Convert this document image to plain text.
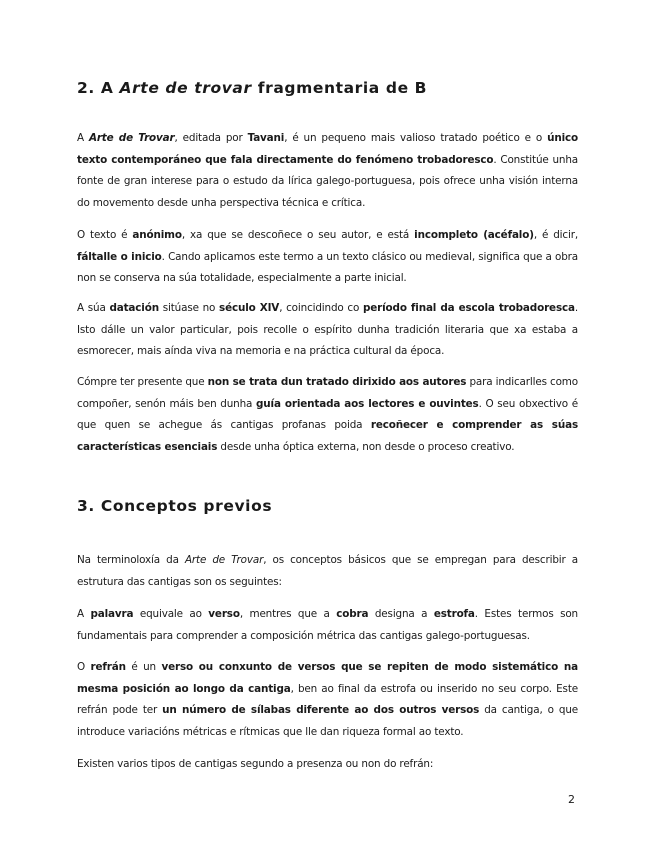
2. A Arte de trovar fragmentaria de B

A Arte de Trovar, editada por Tavani, é un pequeno mais valioso tratado poético e o único texto contemporáneo que fala directamente do fenómeno trobadoresco. Constitúe unha fonte de gran interese para o estudo da lírica galego-portuguesa, pois ofrece unha visión interna do movemento desde unha perspectiva técnica e crítica.

O texto é anónimo, xa que se descoñece o seu autor, e está incompleto (acéfalo), é dicir, fáltalle o inicio. Cando aplicamos este termo a un texto clásico ou medieval, significa que a obra non se conserva na súa totalidade, especialmente a parte inicial.

A súa datación sitúase no século XIV, coincidindo co período final da escola trobadoresca. Isto dálle un valor particular, pois recolle o espírito dunha tradición literaria que xa estaba a esmorecer, mais aínda viva na memoria e na práctica cultural da época.

Cómpre ter presente que non se trata dun tratado dirixido aos autores para indicarlles como compoñer, senón máis ben dunha guía orientada aos lectores e ouvintes. O seu obxectivo é que quen se achegue ás cantigas profanas poida recoñecer e comprender as súas características esenciais desde unha óptica externa, non desde o proceso creativo.

3. Conceptos previos

Na terminoloxía da Arte de Trovar, os conceptos básicos que se empregan para describir a estrutura das cantigas son os seguintes:

A palavra equivale ao verso, mentres que a cobra designa a estrofa. Estes termos son fundamentais para comprender a composición métrica das cantigas galego-portuguesas.

O refrán é un verso ou conxunto de versos que se repiten de modo sistemático na mesma posición ao longo da cantiga, ben ao final da estrofa ou inserido no seu corpo. Este refrán pode ter un número de sílabas diferente ao dos outros versos da cantiga, o que introduce variacións métricas e rítmicas que lle dan riqueza formal ao texto.

Existen varios tipos de cantigas segundo a presenza ou non do refrán:

2
